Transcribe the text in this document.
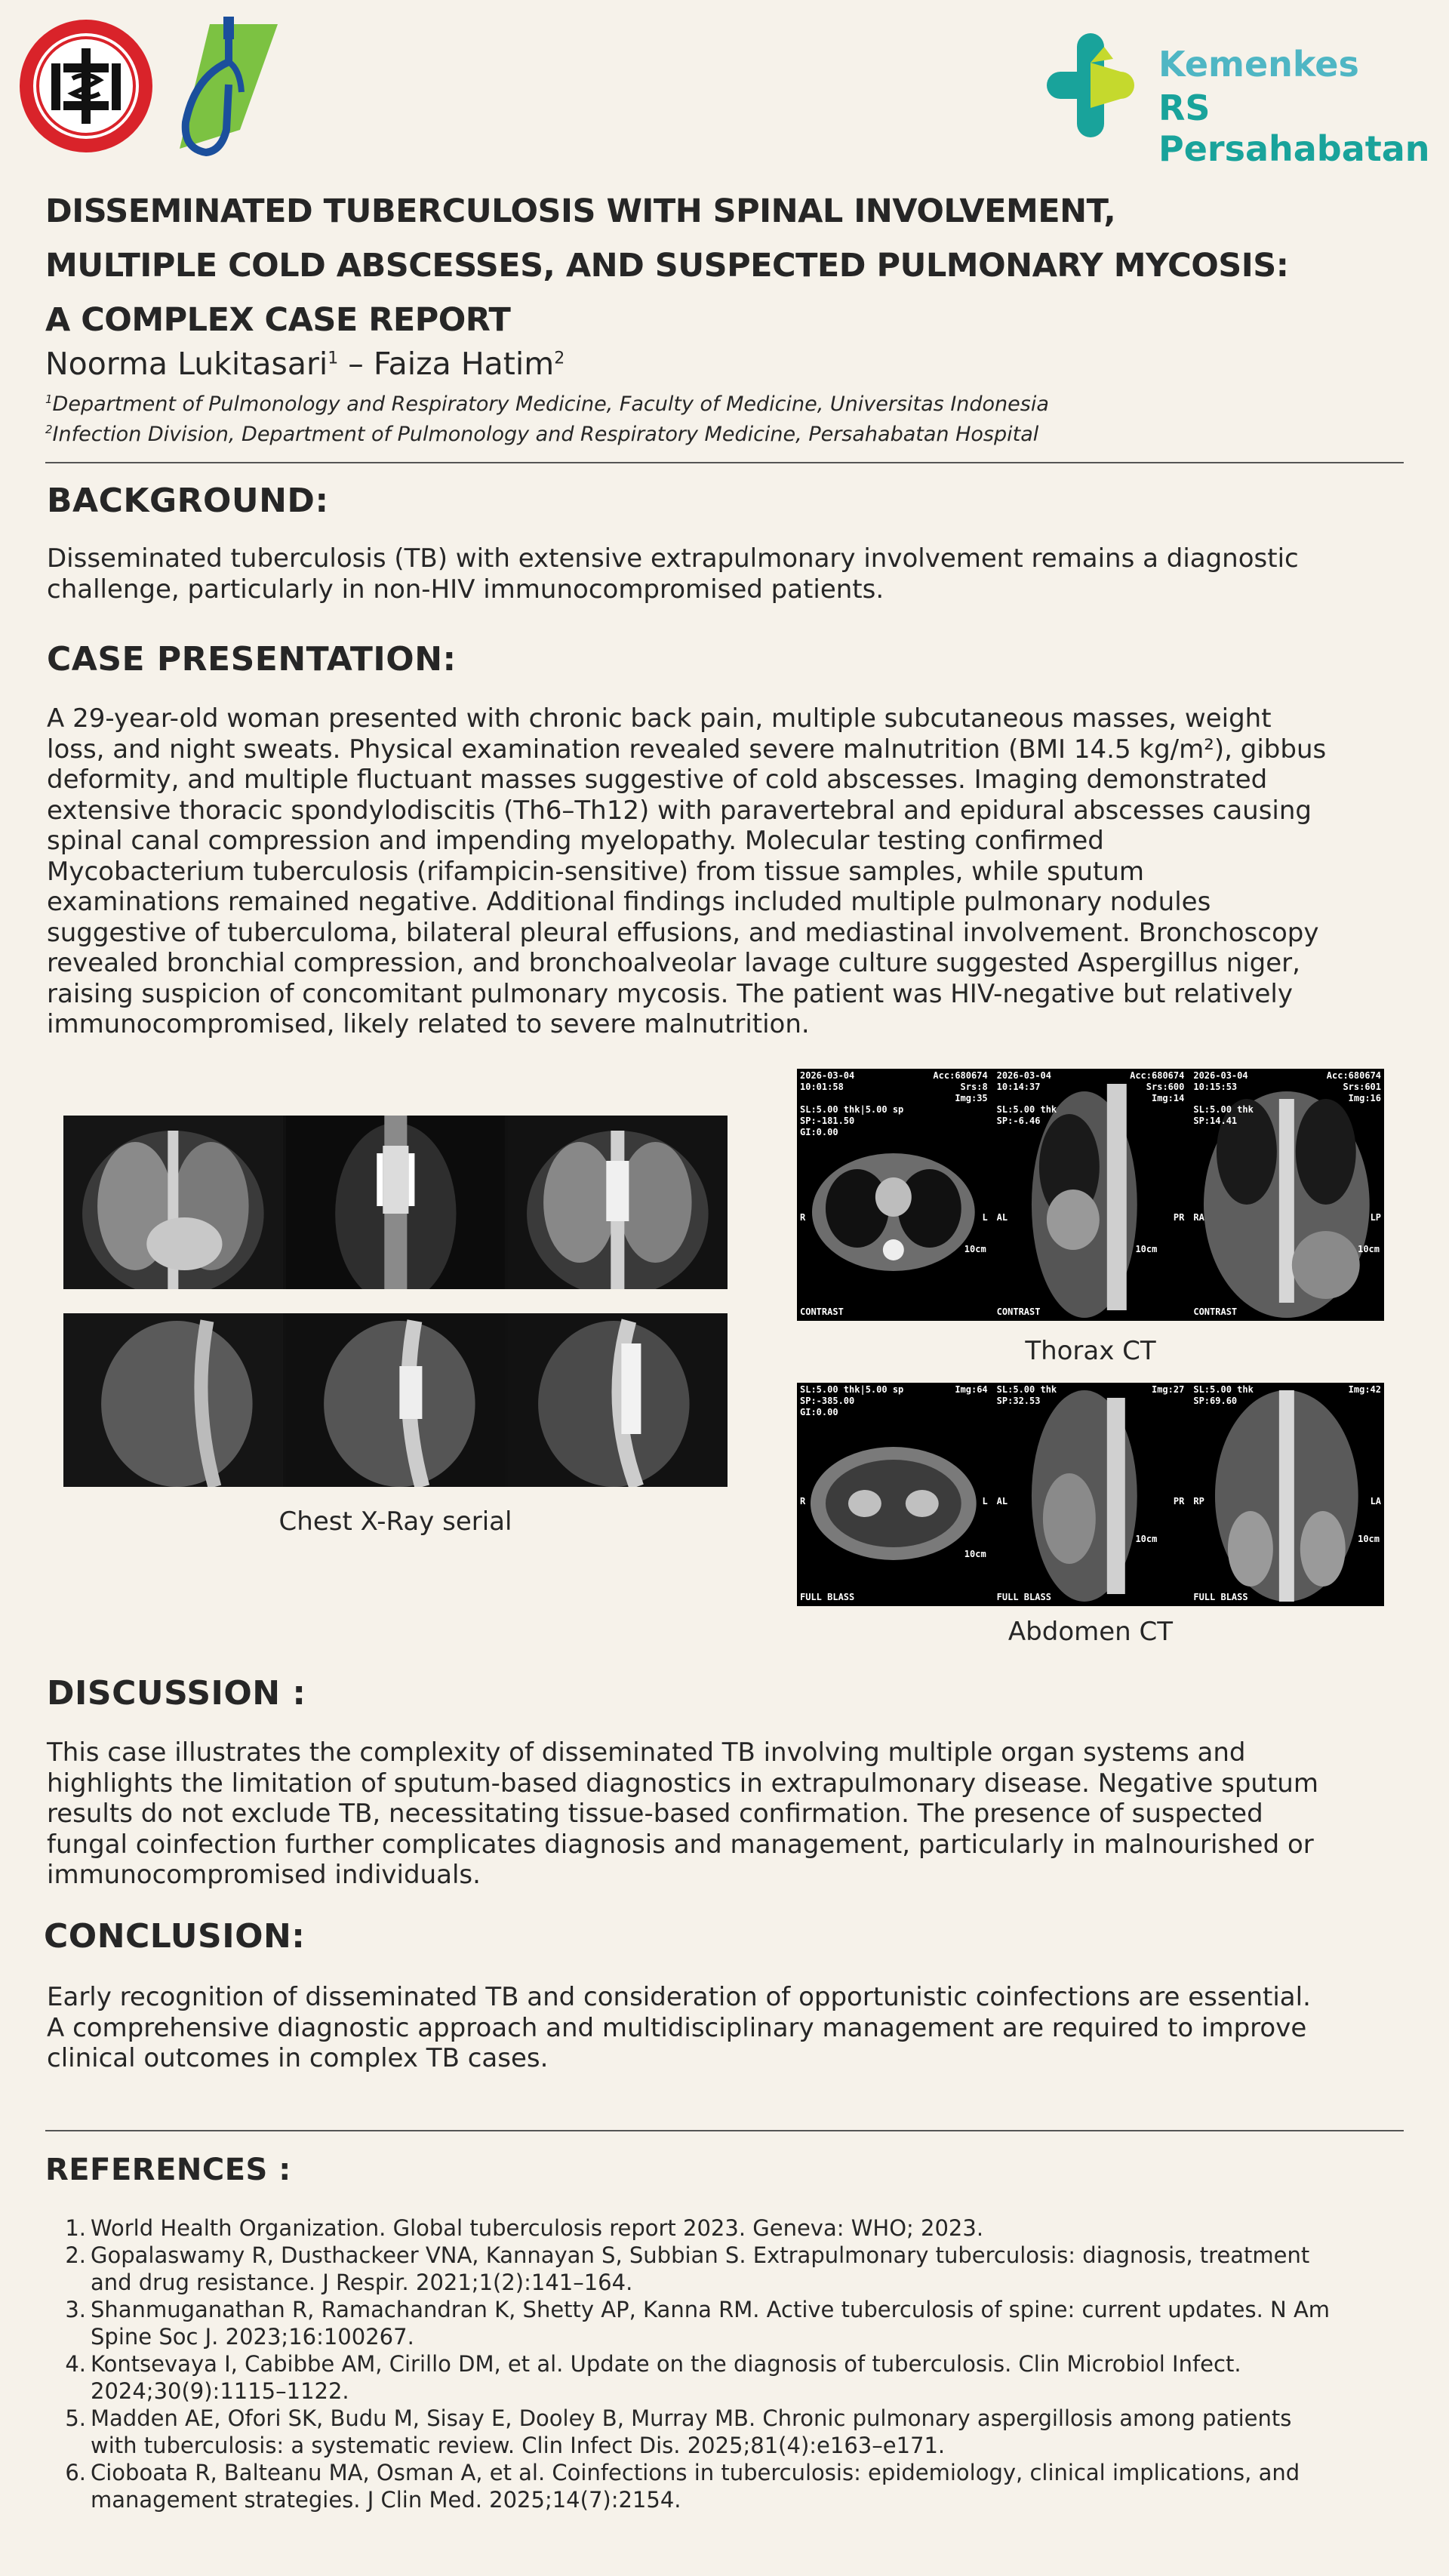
Kemenkes
RS Persahabatan
DISSEMINATED TUBERCULOSIS WITH SPINAL INVOLVEMENT,
MULTIPLE COLD ABSCESSES, AND SUSPECTED PULMONARY MYCOSIS:
A COMPLEX CASE REPORT
Noorma Lukitasari$^1$ – Faiza Hatim$^2$
$^1$Department of Pulmonology and Respiratory Medicine, Faculty of Medicine, Universitas Indonesia
$^2$Infection Division, Department of Pulmonology and Respiratory Medicine, Persahabatan Hospital
BACKGROUND:
Disseminated tuberculosis (TB) with extensive extrapulmonary involvement remains a diagnostic
challenge, particularly in non-HIV immunocompromised patients.
CASE PRESENTATION:
A 29-year-old woman presented with chronic back pain, multiple subcutaneous masses, weight
loss, and night sweats. Physical examination revealed severe malnutrition (BMI 14.5 kg/m²), gibbus
deformity, and multiple fluctuant masses suggestive of cold abscesses. Imaging demonstrated
extensive thoracic spondylodiscitis (Th6–Th12) with paravertebral and epidural abscesses causing
spinal canal compression and impending myelopathy. Molecular testing confirmed
Mycobacterium tuberculosis (rifampicin-sensitive) from tissue samples, while sputum
examinations remained negative. Additional findings included multiple pulmonary nodules
suggestive of tuberculoma, bilateral pleural effusions, and mediastinal involvement. Bronchoscopy
revealed bronchial compression, and bronchoalveolar lavage culture suggested Aspergillus niger,
raising suspicion of concomitant pulmonary mycosis. The patient was HIV-negative but relatively
immunocompromised, likely related to severe malnutrition.
Chest X-Ray serial
2026-03-04
10:01:58

SL:5.00 thk|5.00 sp
SP:-181.50
GI:0.00
Acc:680674
Srs:8
Img:35
CONTRAST
R	L
10cm
2026-03-04
10:14:37

SL:5.00 thk
SP:-6.46
Acc:680674
Srs:600
Img:14
CONTRAST
AL	PR
10cm
2026-03-04
10:15:53

SL:5.00 thk
SP:14.41
Acc:680674
Srs:601
Img:16
CONTRAST
RA	LP
10cm
Thorax CT
SL:5.00 thk|5.00 sp
SP:-385.00
GI:0.00
Img:64
FULL BLASS
R	L
10cm
SL:5.00 thk
SP:32.53
Img:27
FULL BLASS
AL	PR
10cm
SL:5.00 thk
SP:69.60
Img:42
FULL BLASS
RP	LA
10cm
Abdomen CT
DISCUSSION :
This case illustrates the complexity of disseminated TB involving multiple organ systems and
highlights the limitation of sputum-based diagnostics in extrapulmonary disease. Negative sputum
results do not exclude TB, necessitating tissue-based confirmation. The presence of suspected
fungal coinfection further complicates diagnosis and management, particularly in malnourished or
immunocompromised individuals.
CONCLUSION:
Early recognition of disseminated TB and consideration of opportunistic coinfections are essential.
A comprehensive diagnostic approach and multidisciplinary management are required to improve
clinical outcomes in complex TB cases.
REFERENCES :
1. World Health Organization. Global tuberculosis report 2023. Geneva: WHO; 2023.
2. Gopalaswamy R, Dusthackeer VNA, Kannayan S, Subbian S. Extrapulmonary tuberculosis: diagnosis, treatment
and drug resistance. J Respir. 2021;1(2):141–164.
3. Shanmuganathan R, Ramachandran K, Shetty AP, Kanna RM. Active tuberculosis of spine: current updates. N Am
Spine Soc J. 2023;16:100267.
4. Kontsevaya I, Cabibbe AM, Cirillo DM, et al. Update on the diagnosis of tuberculosis. Clin Microbiol Infect.
2024;30(9):1115–1122.
5. Madden AE, Ofori SK, Budu M, Sisay E, Dooley B, Murray MB. Chronic pulmonary aspergillosis among patients
with tuberculosis: a systematic review. Clin Infect Dis. 2025;81(4):e163–e171.
6. Cioboata R, Balteanu MA, Osman A, et al. Coinfections in tuberculosis: epidemiology, clinical implications, and
management strategies. J Clin Med. 2025;14(7):2154.
